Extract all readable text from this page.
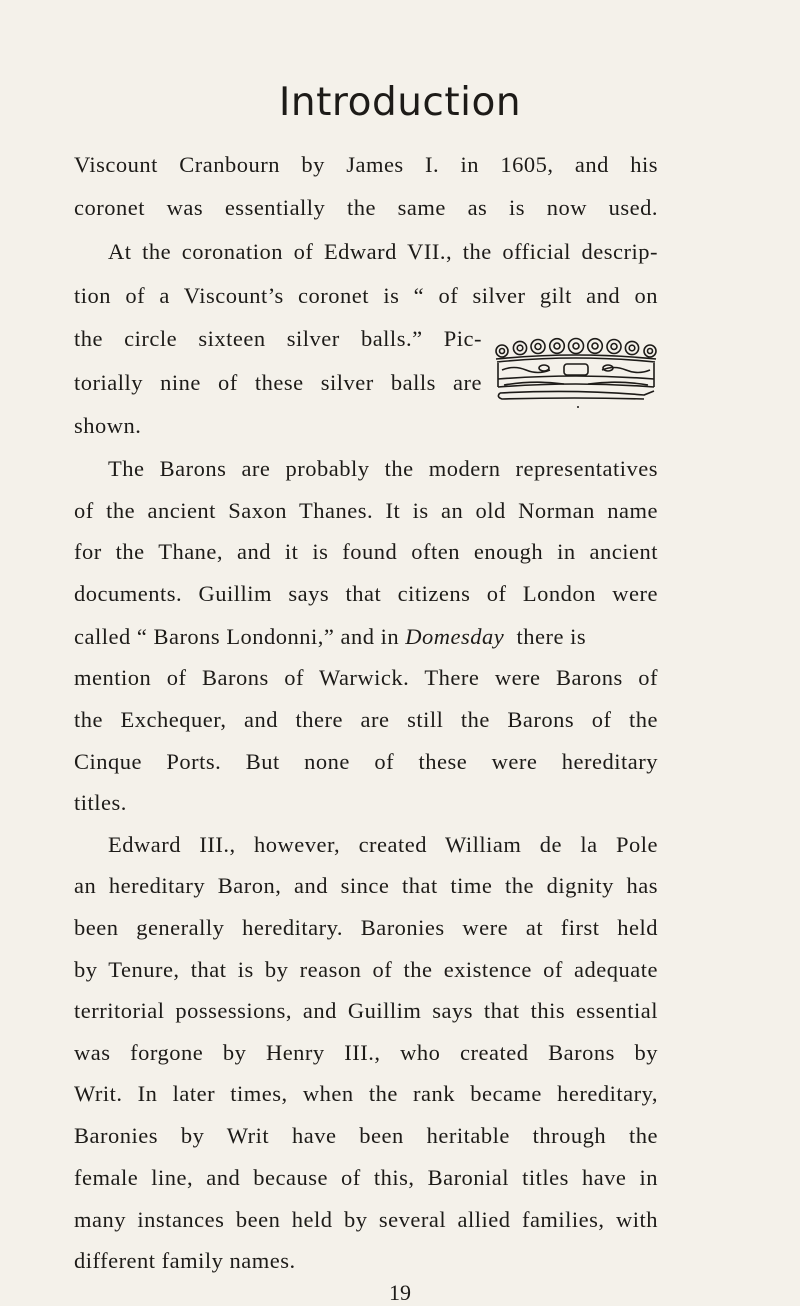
Introduction
Viscount Cranbourn by James I. in 1605, and his
coronet was essentially the same as is now used.
At the coronation of Edward VII., the official descrip-
tion of a Viscount’s coronet is “ of silver gilt and on
the circle sixteen silver balls.” Pic-
torially nine of these silver balls are
shown.
The Barons are probably the modern representatives
of the ancient Saxon Thanes. It is an old Norman name
for the Thane, and it is found often enough in ancient
documents. Guillim says that citizens of London were
called “ Barons Londonni,” and in Domesday there is
mention of Barons of Warwick. There were Barons of
the Exchequer, and there are still the Barons of the
Cinque Ports. But none of these were hereditary
titles.
Edward III., however, created William de la Pole
an hereditary Baron, and since that time the dignity has
been generally hereditary. Baronies were at first held
by Tenure, that is by reason of the existence of adequate
territorial possessions, and Guillim says that this essential
was forgone by Henry III., who created Barons by
Writ. In later times, when the rank became hereditary,
Baronies by Writ have been heritable through the
female line, and because of this, Baronial titles have in
many instances been held by several allied families, with
different family names.
19
